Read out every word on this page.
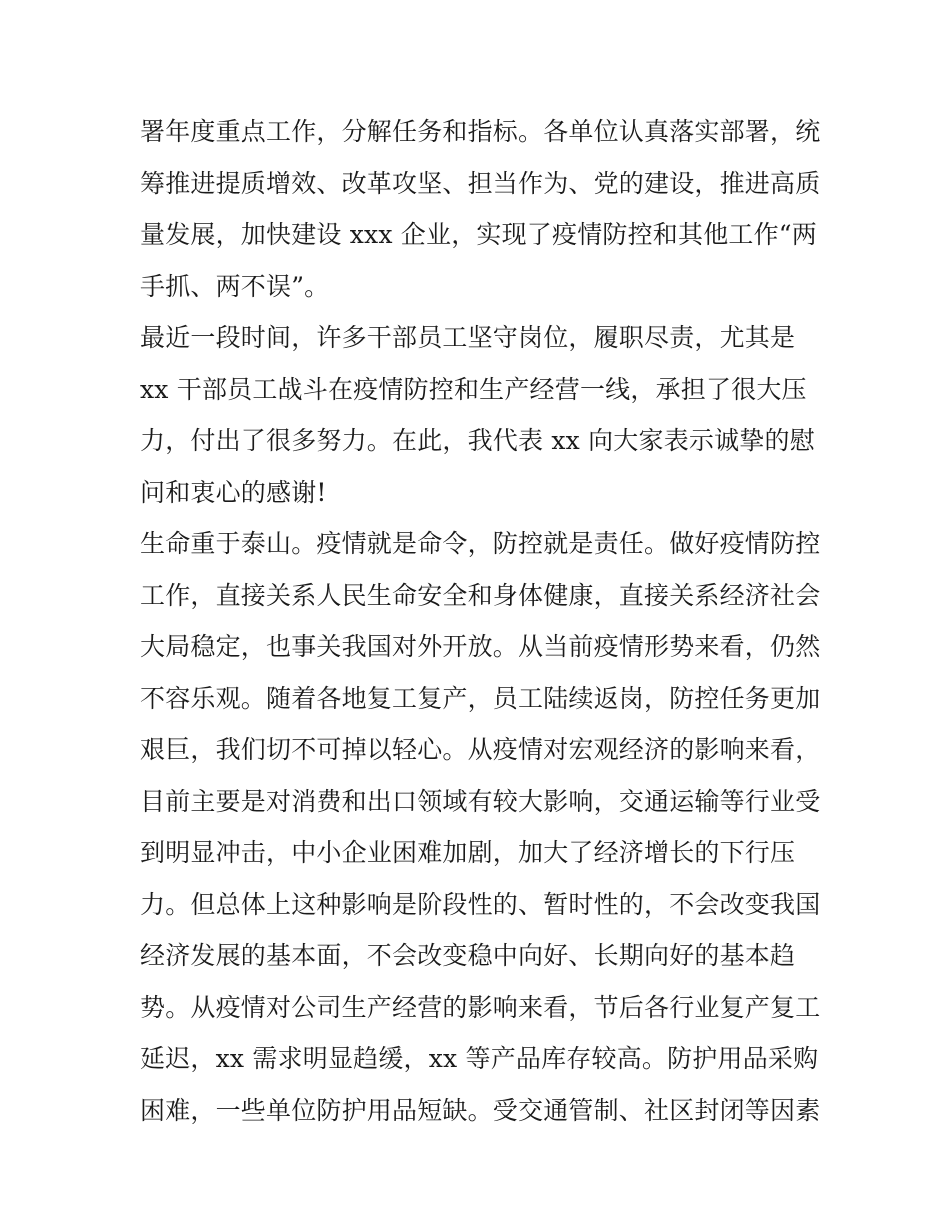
署年度重点工作，分解任务和指标。各单位认真落实部署，统
筹推进提质增效、改革攻坚、担当作为、党的建设，推进高质
量发展，加快建设 xxx 企业，实现了疫情防控和其他工作“两
手抓、两不误”。
最近一段时间，许多干部员工坚守岗位，履职尽责，尤其是
xx 干部员工战斗在疫情防控和生产经营一线，承担了很大压
力，付出了很多努力。在此，我代表 xx 向大家表示诚挚的慰
问和衷心的感谢!
生命重于泰山。疫情就是命令，防控就是责任。做好疫情防控
工作，直接关系人民生命安全和身体健康，直接关系经济社会
大局稳定，也事关我国对外开放。从当前疫情形势来看，仍然
不容乐观。随着各地复工复产，员工陆续返岗，防控任务更加
艰巨，我们切不可掉以轻心。从疫情对宏观经济的影响来看，
目前主要是对消费和出口领域有较大影响，交通运输等行业受
到明显冲击，中小企业困难加剧，加大了经济增长的下行压
力。但总体上这种影响是阶段性的、暂时性的，不会改变我国
经济发展的基本面，不会改变稳中向好、长期向好的基本趋
势。从疫情对公司生产经营的影响来看，节后各行业复产复工
延迟，xx 需求明显趋缓，xx 等产品库存较高。防护用品采购
困难，一些单位防护用品短缺。受交通管制、社区封闭等因素
